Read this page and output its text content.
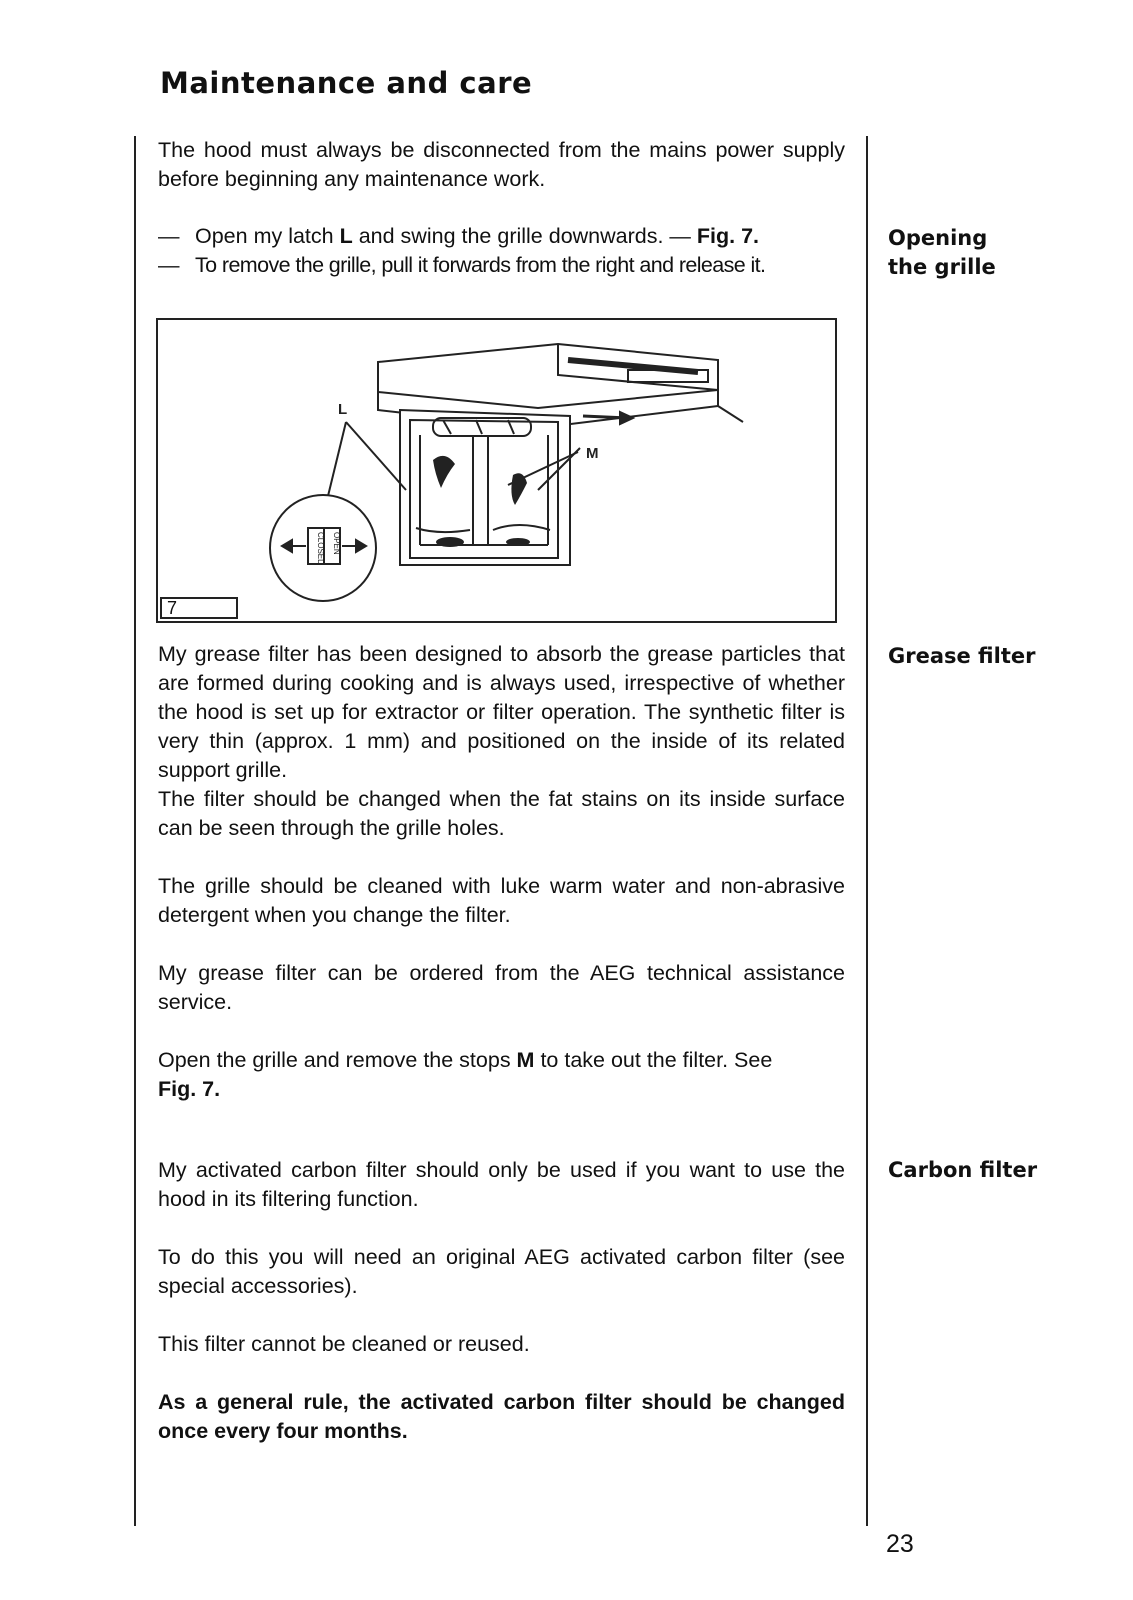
Maintenance and care

The hood must always be disconnected from the mains power supply before beginning any maintenance work.

— Open my latch L and swing the grille downwards. — Fig. 7.
— To remove the grille, pull it forwards from the right and release it.
Opening
the grille
L
M
CLOSED OPEN
7

My grease filter has been designed to absorb the grease particles that are formed during cooking and is always used, irrespective of whether the hood is set up for extractor or filter operation. The synthetic filter is very thin (approx. 1 mm) and positioned on the inside of its related support grille.

The filter should be changed when the fat stains on its inside surface can be seen through the grille holes.

The grille should be cleaned with luke warm water and non-abrasive detergent when you change the filter.

My grease filter can be ordered from the AEG technical assistance service.

Open the grille and remove the stops M to take out the filter. See
Fig. 7.

Grease filter

My activated carbon filter should only be used if you want to use the hood in its filtering function.

To do this you will need an original AEG activated carbon filter (see special accessories).

This filter cannot be cleaned or reused.

As a general rule, the activated carbon filter should be changed once every four months.

Carbon filter
23
